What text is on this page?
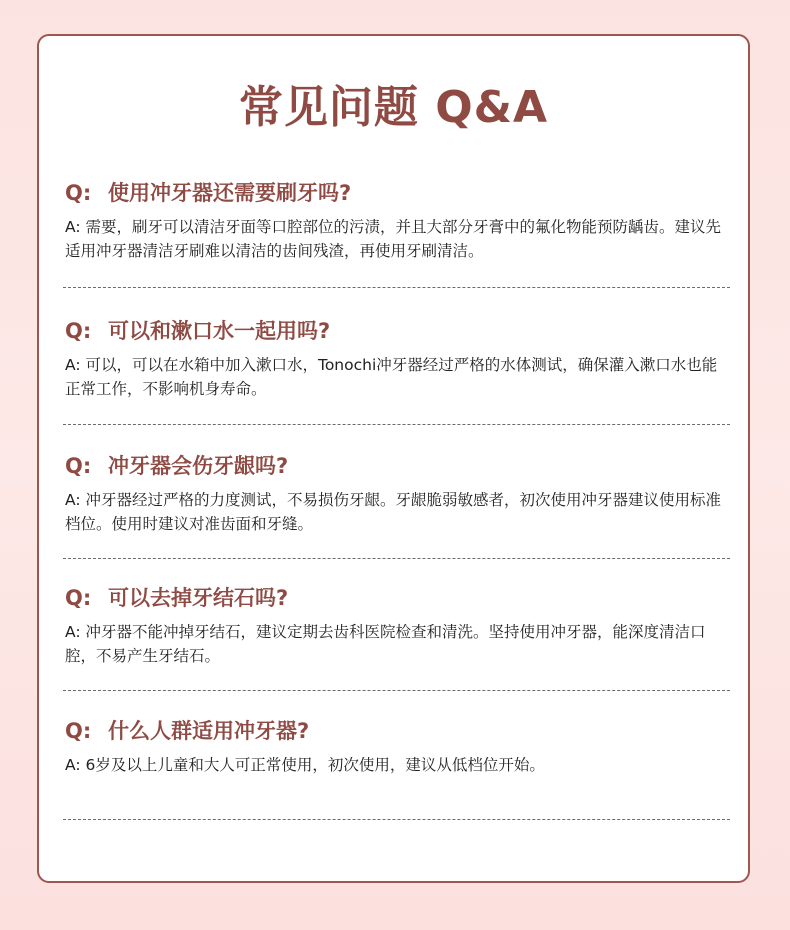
常见问题 Q&A
Q: 使用冲牙器还需要刷牙吗?
A: 需要，刷牙可以清洁牙面等口腔部位的污渍，并且大部分牙膏中的氟化物能预防龋齿。建议先适用冲牙器清洁牙刷难以清洁的齿间残渣，再使用牙刷清洁。
Q: 可以和漱口水一起用吗?
A: 可以，可以在水箱中加入漱口水，Tonochi冲牙器经过严格的水体测试，确保灌入漱口水也能正常工作，不影响机身寿命。
Q: 冲牙器会伤牙龈吗?
A: 冲牙器经过严格的力度测试，不易损伤牙龈。牙龈脆弱敏感者，初次使用冲牙器建议使用标准档位。使用时建议对准齿面和牙缝。
Q: 可以去掉牙结石吗?
A: 冲牙器不能冲掉牙结石，建议定期去齿科医院检查和清洗。坚持使用冲牙器，能深度清洁口腔，不易产生牙结石。
Q: 什么人群适用冲牙器?
A: 6岁及以上儿童和大人可正常使用，初次使用，建议从低档位开始。
